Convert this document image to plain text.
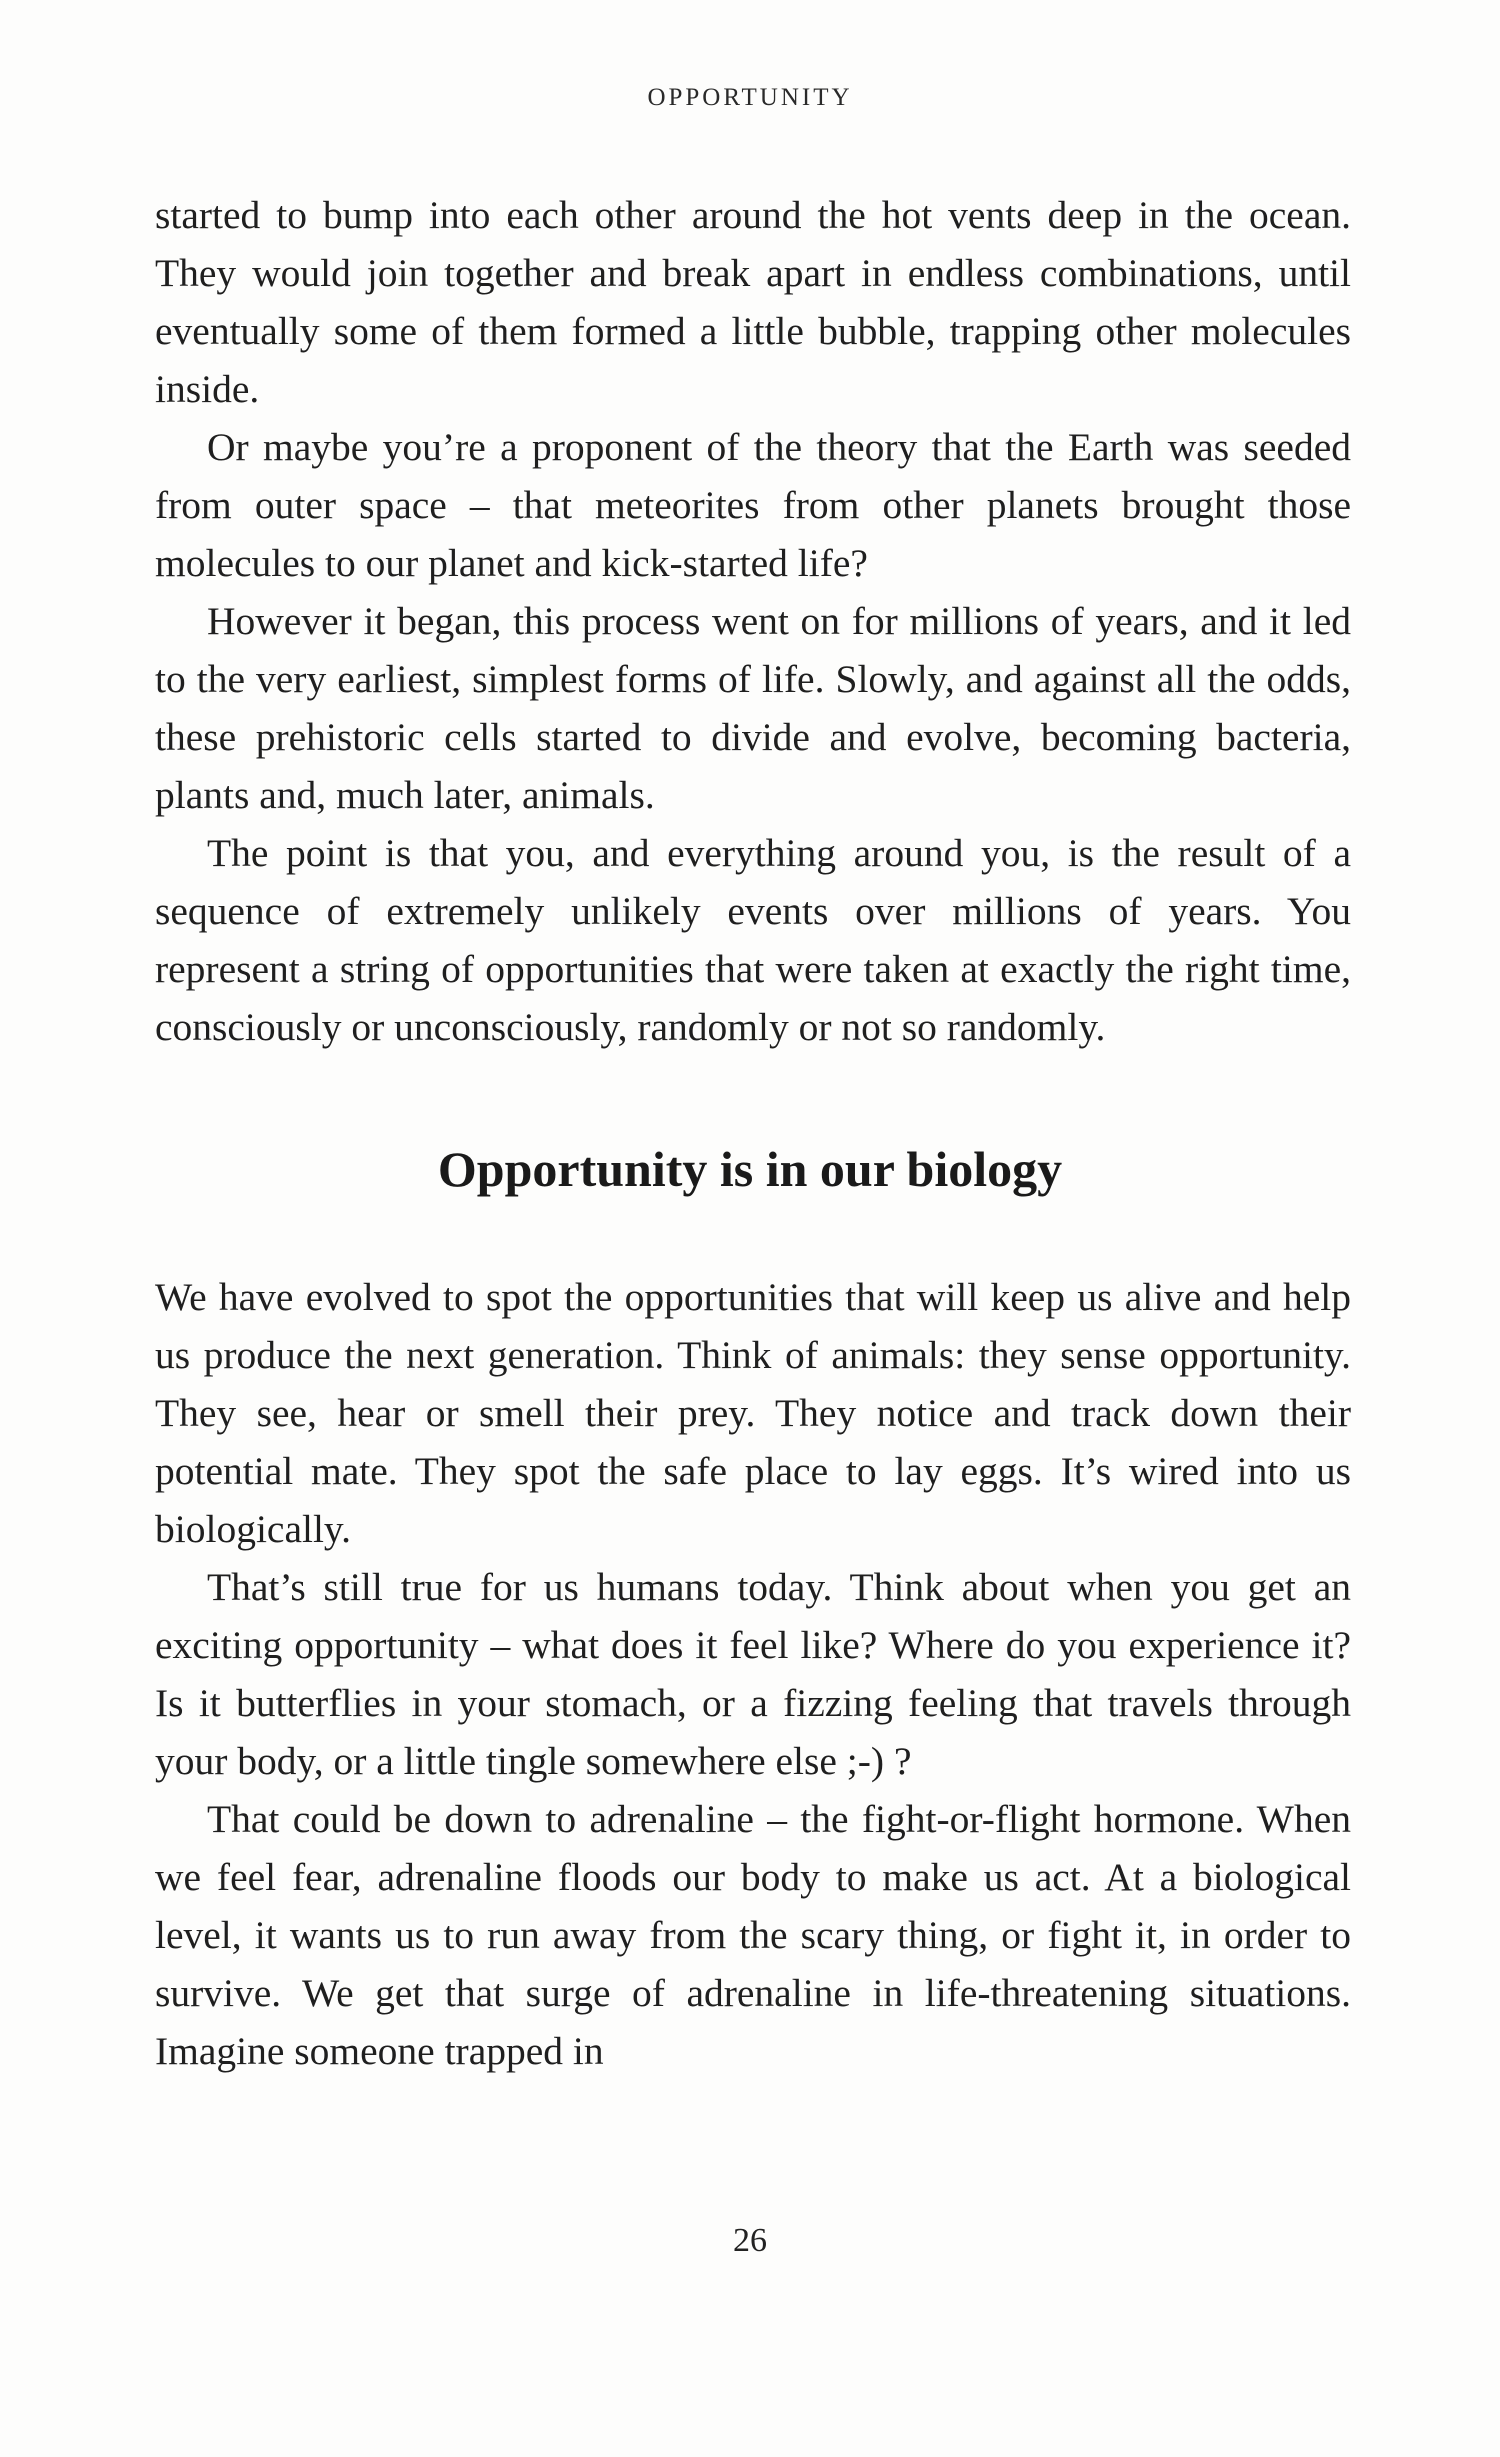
OPPORTUNITY

started to bump into each other around the hot vents deep in the ocean. They would join together and break apart in endless combinations, until eventually some of them formed a little bubble, trapping other molecules inside.

Or maybe you’re a proponent of the theory that the Earth was seeded from outer space – that meteorites from other planets brought those molecules to our planet and kick-started life?

However it began, this process went on for millions of years, and it led to the very earliest, simplest forms of life. Slowly, and against all the odds, these prehistoric cells started to divide and evolve, becoming bacteria, plants and, much later, animals.

The point is that you, and everything around you, is the result of a sequence of extremely unlikely events over millions of years. You represent a string of opportunities that were taken at exactly the right time, consciously or unconsciously, randomly or not so randomly.

Opportunity is in our biology

We have evolved to spot the opportunities that will keep us alive and help us produce the next generation. Think of animals: they sense opportunity. They see, hear or smell their prey. They notice and track down their potential mate. They spot the safe place to lay eggs. It’s wired into us biologically.

That’s still true for us humans today. Think about when you get an exciting opportunity – what does it feel like? Where do you experience it? Is it butterflies in your stomach, or a fizzing feeling that travels through your body, or a little tingle somewhere else ;-) ?

That could be down to adrenaline – the fight-or-flight hormone. When we feel fear, adrenaline floods our body to make us act. At a biological level, it wants us to run away from the scary thing, or fight it, in order to survive. We get that surge of adrenaline in life-threatening situations. Imagine someone trapped in

26
